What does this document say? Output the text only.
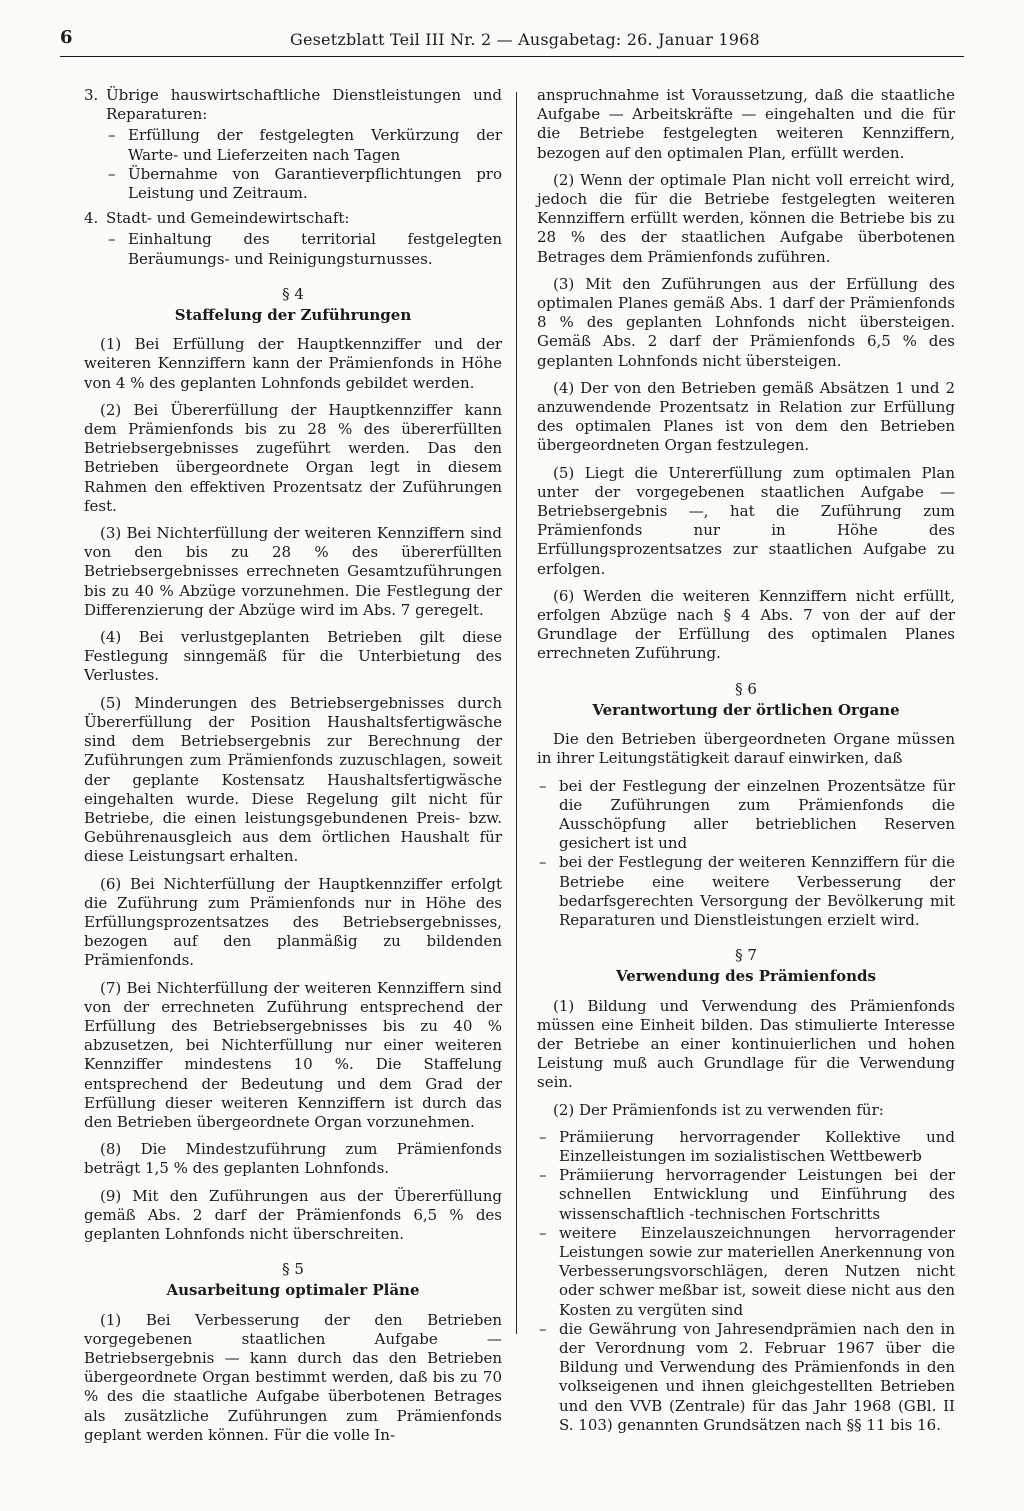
6	Gesetzblatt Teil III Nr. 2 — Ausgabetag: 26. Januar 1968
3. Übrige hauswirtschaftliche Dienstleistungen und Reparaturen:
– Erfüllung der festgelegten Verkürzung der Warte- und Lieferzeiten nach Tagen
– Übernahme von Garantieverpflichtungen pro Leistung und Zeitraum.
4. Stadt- und Gemeindewirtschaft:
– Einhaltung des territorial festgelegten Beräumungs- und Reinigungsturnusses.
§ 4
Staffelung der Zuführungen

(1) Bei Erfüllung der Hauptkennziffer und der weiteren Kennziffern kann der Prämienfonds in Höhe von 4 % des geplanten Lohnfonds gebildet werden.

(2) Bei Übererfüllung der Hauptkennziffer kann dem Prämienfonds bis zu 28 % des übererfüllten Betriebsergebnisses zugeführt werden. Das den Betrieben übergeordnete Organ legt in diesem Rahmen den effektiven Prozentsatz der Zuführungen fest.

(3) Bei Nichterfüllung der weiteren Kennziffern sind von den bis zu 28 % des übererfüllten Betriebsergebnisses errechneten Gesamtzuführungen bis zu 40 % Abzüge vorzunehmen. Die Festlegung der Differenzierung der Abzüge wird im Abs. 7 geregelt.

(4) Bei verlustgeplanten Betrieben gilt diese Festlegung sinngemäß für die Unterbietung des Verlustes.

(5) Minderungen des Betriebsergebnisses durch Übererfüllung der Position Haushaltsfertigwäsche sind dem Betriebsergebnis zur Berechnung der Zuführungen zum Prämienfonds zuzuschlagen, soweit der geplante Kostensatz Haushaltsfertigwäsche eingehalten wurde. Diese Regelung gilt nicht für Betriebe, die einen leistungsgebundenen Preis- bzw. Gebührenausgleich aus dem örtlichen Haushalt für diese Leistungsart erhalten.

(6) Bei Nichterfüllung der Hauptkennziffer erfolgt die Zuführung zum Prämienfonds nur in Höhe des Erfüllungsprozentsatzes des Betriebsergebnisses, bezogen auf den planmäßig zu bildenden Prämienfonds.

(7) Bei Nichterfüllung der weiteren Kennziffern sind von der errechneten Zuführung entsprechend der Erfüllung des Betriebsergebnisses bis zu 40 % abzusetzen, bei Nichterfüllung nur einer weiteren Kennziffer mindestens 10 %. Die Staffelung entsprechend der Bedeutung und dem Grad der Erfüllung dieser weiteren Kennziffern ist durch das den Betrieben übergeordnete Organ vorzunehmen.

(8) Die Mindestzuführung zum Prämienfonds beträgt 1,5 % des geplanten Lohnfonds.

(9) Mit den Zuführungen aus der Übererfüllung gemäß Abs. 2 darf der Prämienfonds 6,5 % des geplanten Lohnfonds nicht überschreiten.

§ 5
Ausarbeitung optimaler Pläne

(1) Bei Verbesserung der den Betrieben vorgegebenen staatlichen Aufgabe — Betriebsergebnis — kann durch das den Betrieben übergeordnete Organ bestimmt werden, daß bis zu 70 % des die staatliche Aufgabe überbotenen Betrages als zusätzliche Zuführungen zum Prämienfonds geplant werden können. Für die volle In-

anspruchnahme ist Voraussetzung, daß die staatliche Aufgabe — Arbeitskräfte — eingehalten und die für die Betriebe festgelegten weiteren Kennziffern, bezogen auf den optimalen Plan, erfüllt werden.

(2) Wenn der optimale Plan nicht voll erreicht wird, jedoch die für die Betriebe festgelegten weiteren Kennziffern erfüllt werden, können die Betriebe bis zu 28 % des der staatlichen Aufgabe überbotenen Betrages dem Prämienfonds zuführen.

(3) Mit den Zuführungen aus der Erfüllung des optimalen Planes gemäß Abs. 1 darf der Prämienfonds 8 % des geplanten Lohnfonds nicht übersteigen. Gemäß Abs. 2 darf der Prämienfonds 6,5 % des geplanten Lohnfonds nicht übersteigen.

(4) Der von den Betrieben gemäß Absätzen 1 und 2 anzuwendende Prozentsatz in Relation zur Erfüllung des optimalen Planes ist von dem den Betrieben übergeordneten Organ festzulegen.

(5) Liegt die Untererfüllung zum optimalen Plan unter der vorgegebenen staatlichen Aufgabe — Betriebsergebnis —, hat die Zuführung zum Prämienfonds nur in Höhe des Erfüllungsprozentsatzes zur staatlichen Aufgabe zu erfolgen.

(6) Werden die weiteren Kennziffern nicht erfüllt, erfolgen Abzüge nach § 4 Abs. 7 von der auf der Grundlage der Erfüllung des optimalen Planes errechneten Zuführung.

§ 6
Verantwortung der örtlichen Organe

Die den Betrieben übergeordneten Organe müssen in ihrer Leitungstätigkeit darauf einwirken, daß

– bei der Festlegung der einzelnen Prozentsätze für die Zuführungen zum Prämienfonds die Ausschöpfung aller betrieblichen Reserven gesichert ist und
– bei der Festlegung der weiteren Kennziffern für die Betriebe eine weitere Verbesserung der bedarfsgerechten Versorgung der Bevölkerung mit Reparaturen und Dienstleistungen erzielt wird.
§ 7
Verwendung des Prämienfonds

(1) Bildung und Verwendung des Prämienfonds müssen eine Einheit bilden. Das stimulierte Interesse der Betriebe an einer kontinuierlichen und hohen Leistung muß auch Grundlage für die Verwendung sein.

(2) Der Prämienfonds ist zu verwenden für:

– Prämiierung hervorragender Kollektive und Einzelleistungen im sozialistischen Wettbewerb
– Prämiierung hervorragender Leistungen bei der schnellen Entwicklung und Einführung des wissenschaftlich -technischen Fortschritts
– weitere Einzelauszeichnungen hervorragender Leistungen sowie zur materiellen Anerkennung von Verbesserungsvorschlägen, deren Nutzen nicht oder schwer meßbar ist, soweit diese nicht aus den Kosten zu vergüten sind
– die Gewährung von Jahresendprämien nach den in der Verordnung vom 2. Februar 1967 über die Bildung und Verwendung des Prämienfonds in den volkseigenen und ihnen gleichgestellten Betrieben und den VVB (Zentrale) für das Jahr 1968 (GBl. II S. 103) genannten Grundsätzen nach §§ 11 bis 16.
